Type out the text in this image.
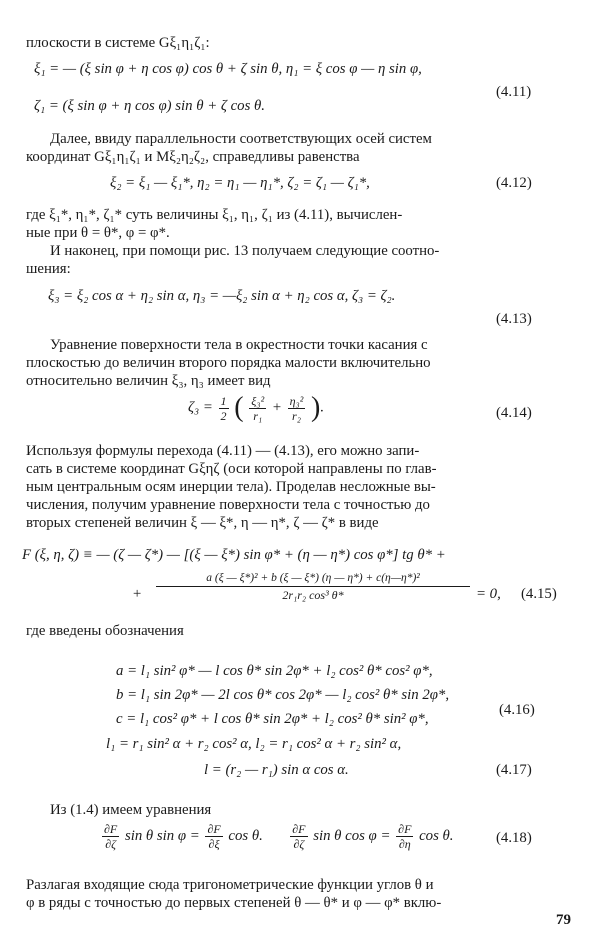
плоскости в системе Gξ₁η₁ζ₁:
ξ₁ = — (ξ sin φ + η cos φ) cos θ + ζ sin θ, η₁ = ξ cos φ — η sin φ,
(4.11)
ζ₁ = (ξ sin φ + η cos φ) sin θ + ζ cos θ.
Далее, ввиду параллельности соответствующих осей систем
координат Gξ₁η₁ζ₁ и Mξ₂η₂ζ₂, справедливы равенства
ξ₂ = ξ₁ — ξ₁*, η₂ = η₁ — η₁*, ζ₂ = ζ₁ — ζ₁*,	(4.12)
где ξ₁*, η₁*, ζ₁* суть величины ξ₁, η₁, ζ₁ из (4.11), вычислен-
ные при θ = θ*, φ = φ*.
И наконец, при помощи рис. 13 получаем следующие соотно-
шения:
ξ₃ = ξ₂ cos α + η₂ sin α, η₃ = —ξ₂ sin α + η₂ cos α, ζ₃ = ζ₂.
(4.13)
Уравнение поверхности тела в окрестности точки касания с
плоскостью до величин второго порядка малости включительно
относительно величин ξ₃, η₃ имеет вид
$\zeta_3 = \frac{1}{2}$ ( $\frac{\text{ξ₃²}}{\text{r₁}} + \frac{\text{η₃²}}{\text{r₂}}$ ).	(4.14)
Используя формулы перехода (4.11) — (4.13), его можно запи-
сать в системе координат Gξηζ (оси которой направлены по глав-
ным центральным осям инерции тела). Проделав несложные вы-
числения, получим уравнение поверхности тела с точностью до
вторых степеней величин ξ — ξ*, η — η*, ζ — ζ* в виде
F (ξ, η, ζ) ≡ — (ζ — ζ*) — [(ξ — ξ*) sin φ* + (η — η*) cos φ*] tg θ* +
+ $\frac{\text{a (ξ — ξ*)² + b (ξ — ξ*) (η — η*) + c(η—η*)²}}{\text{2r₁r₂ cos³ θ*}} = 0$, (4.15)
где введены обозначения
a = l₁ sin² φ* — l cos θ* sin 2φ* + l₂ cos² θ* cos² φ*,
b = l₁ sin 2φ* — 2l cos θ* cos 2φ* — l₂ cos² θ* sin 2φ*,
(4.16)
c = l₁ cos² φ* + l cos θ* sin 2φ* + l₂ cos² θ* sin² φ*,
l₁ = r₁ sin² α + r₂ cos² α, l₂ = r₁ cos² α + r₂ sin² α,
l = (r₂ — r₁) sin α cos α.	(4.17)
Из (1.4) имеем уравнения
$\frac{\partial F}{\partial\zeta}$ sin θ $\sin \varphi = \frac{\partial F}{\partial\xi}$ cos θ. $\frac{\partial F}{\partial\zeta}$ sin θ $\cos \varphi = \frac{\partial F}{\partial\eta}$ cos θ.	(4.18)
Разлагая входящие сюда тригонометрические функции углов θ и
φ в ряды с точностью до первых степеней θ — θ* и φ — φ* вклю-
79
